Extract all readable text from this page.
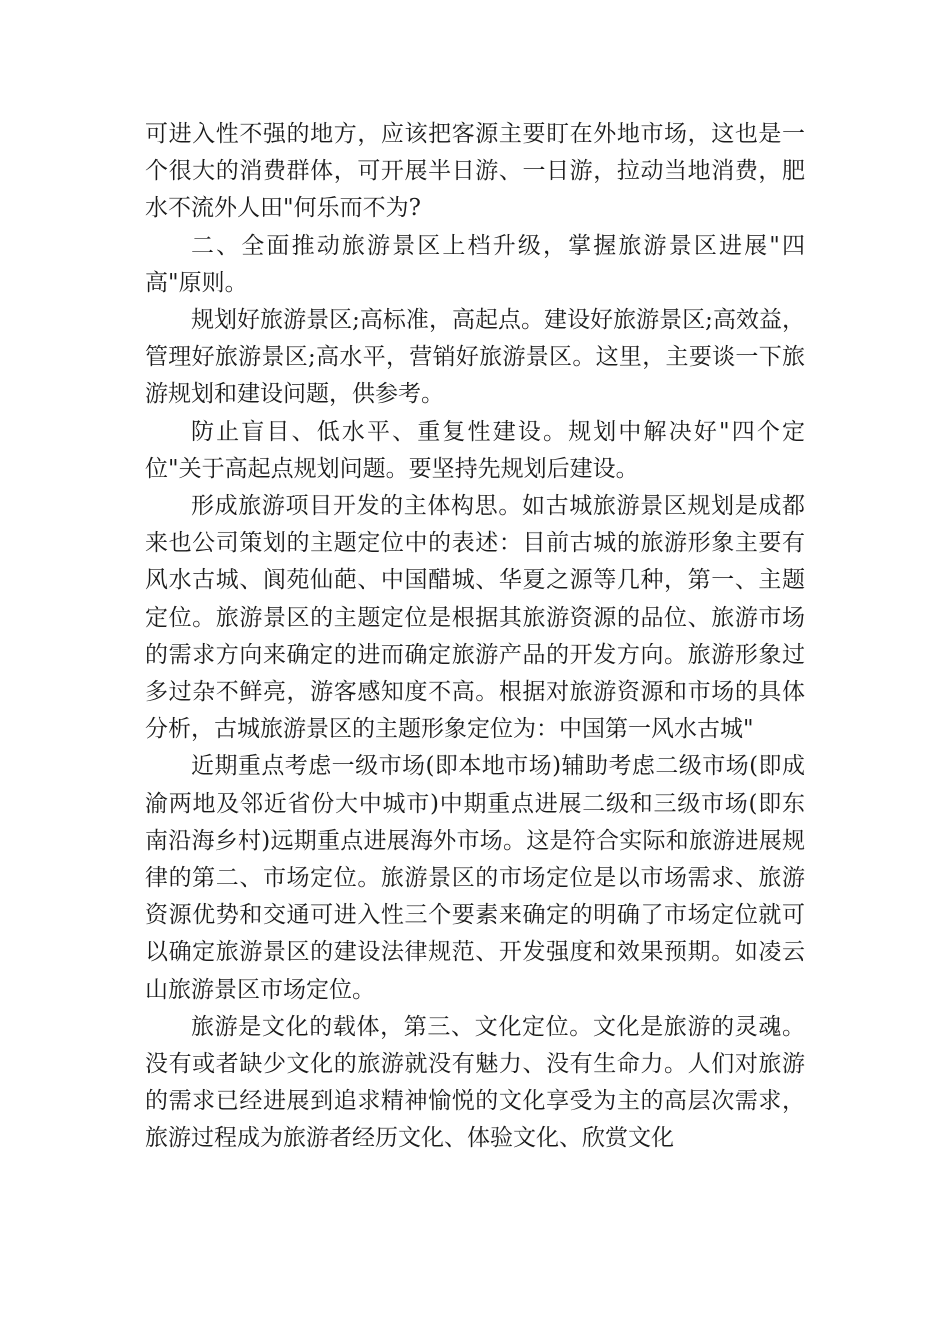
可进入性不强的地方，应该把客源主要盯在外地市场，这也是一个很大的消费群体，可开展半日游、一日游，拉动当地消费，肥水不流外人田"何乐而不为?

二、全面推动旅游景区上档升级，掌握旅游景区进展"四高"原则。

规划好旅游景区;高标准，高起点。建设好旅游景区;高效益，管理好旅游景区;高水平，营销好旅游景区。这里，主要谈一下旅游规划和建设问题，供参考。

防止盲目、低水平、重复性建设。规划中解决好"四个定位"关于高起点规划问题。要坚持先规划后建设。

形成旅游项目开发的主体构思。如古城旅游景区规划是成都来也公司策划的主题定位中的表述：目前古城的旅游形象主要有风水古城、阆苑仙葩、中国醋城、华夏之源等几种，第一、主题定位。旅游景区的主题定位是根据其旅游资源的品位、旅游市场的需求方向来确定的进而确定旅游产品的开发方向。旅游形象过多过杂不鲜亮，游客感知度不高。根据对旅游资源和市场的具体分析，古城旅游景区的主题形象定位为：中国第一风水古城"

近期重点考虑一级市场(即本地市场)辅助考虑二级市场(即成渝两地及邻近省份大中城市)中期重点进展二级和三级市场(即东南沿海乡村)远期重点进展海外市场。这是符合实际和旅游进展规律的第二、市场定位。旅游景区的市场定位是以市场需求、旅游资源优势和交通可进入性三个要素来确定的明确了市场定位就可以确定旅游景区的建设法律规范、开发强度和效果预期。如凌云山旅游景区市场定位。

旅游是文化的载体，第三、文化定位。文化是旅游的灵魂。没有或者缺少文化的旅游就没有魅力、没有生命力。人们对旅游的需求已经进展到追求精神愉悦的文化享受为主的高层次需求，旅游过程成为旅游者经历文化、体验文化、欣赏文化
